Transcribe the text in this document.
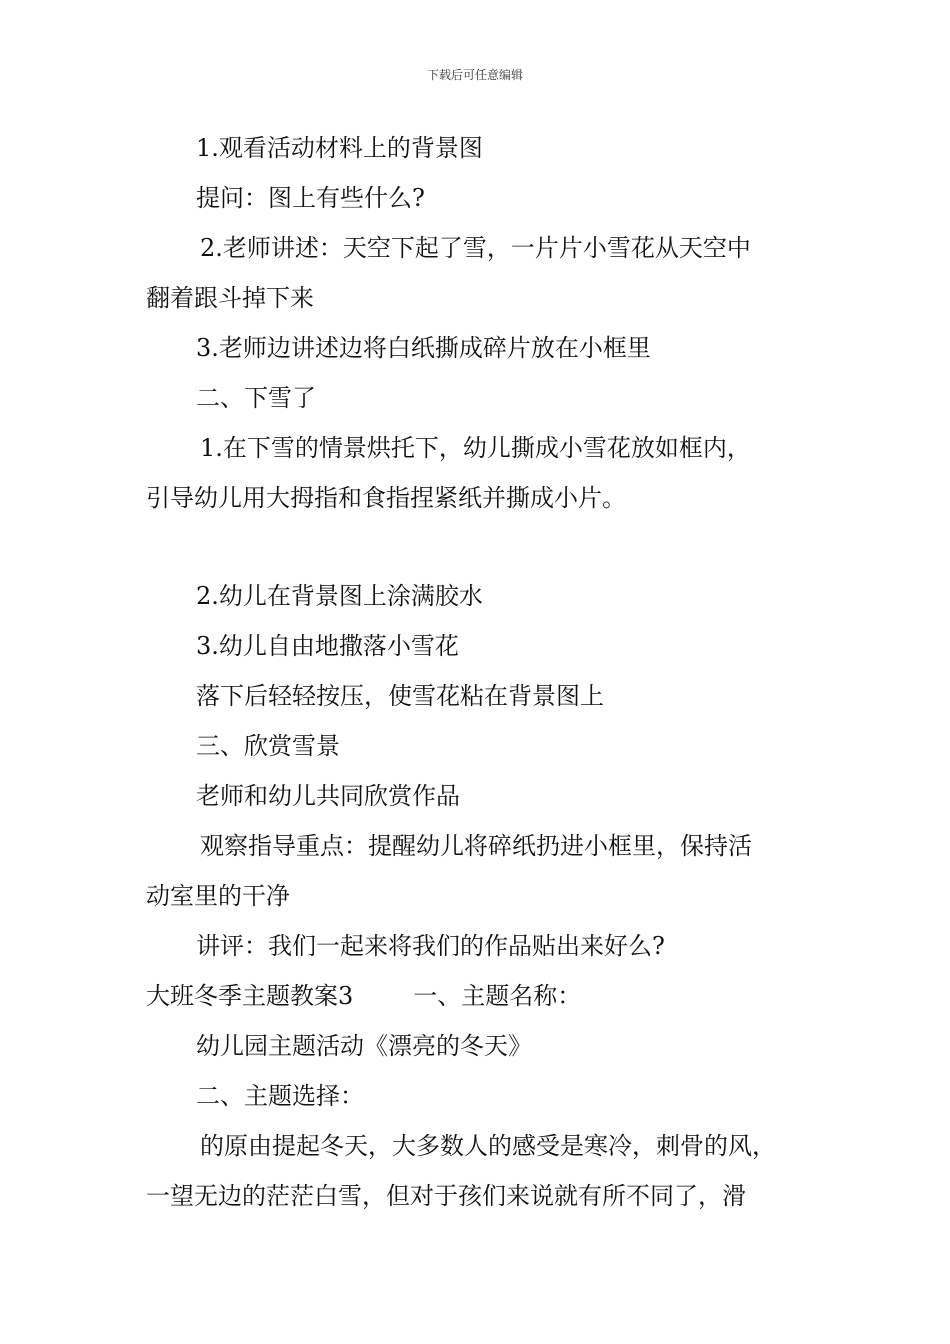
下载后可任意编辑
1.观看活动材料上的背景图
提问：图上有些什么?
2.老师讲述：天空下起了雪，一片片小雪花从天空中
翻着跟斗掉下来
3.老师边讲述边将白纸撕成碎片放在小框里
二、下雪了
1.在下雪的情景烘托下，幼儿撕成小雪花放如框内，
引导幼儿用大拇指和食指捏紧纸并撕成小片。
2.幼儿在背景图上涂满胶水
3.幼儿自由地撒落小雪花
落下后轻轻按压，使雪花粘在背景图上
三、欣赏雪景
老师和幼儿共同欣赏作品
观察指导重点：提醒幼儿将碎纸扔进小框里，保持活
动室里的干净
讲评：我们一起来将我们的作品贴出来好么?
大班冬季主题教案3	一、主题名称：
幼儿园主题活动《漂亮的冬天》
二、主题选择：
的原由提起冬天，大多数人的感受是寒冷，刺骨的风，
一望无边的茫茫白雪，但对于孩们来说就有所不同了，滑
